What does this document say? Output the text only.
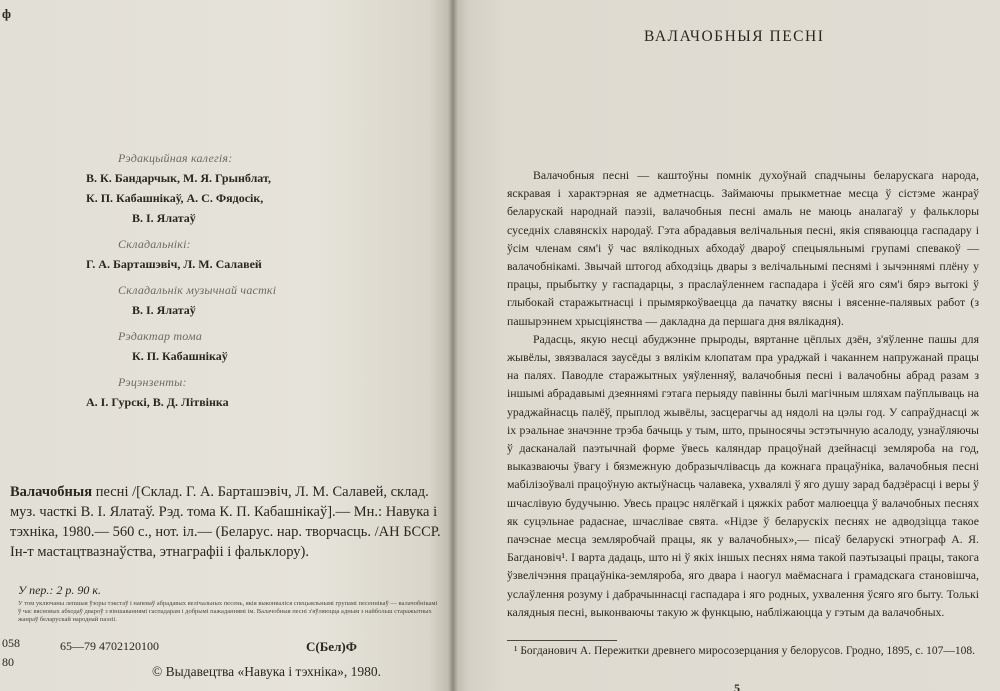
ф
Рэдакцыйная калегія:
В. К. Бандарчык, М. Я. Грынблат,
К. П. Кабашнікаў, А. С. Фядосік,
В. І. Ялатаў
Складальнікі:
Г. А. Барташэвіч, Л. М. Салавей
Складальнік музычнай часткі
В. І. Ялатаў
Рэдактар тома
К. П. Кабашнікаў
Рэцэнзенты:
А. І. Гурскі, В. Д. Літвінка
Валачобныя песні /[Склад. Г. А. Барташэвіч, Л. М. Салавей, склад. муз. часткі В. І. Ялатаў. Рэд. тома К. П. Кабашнікаў].— Мн.: Навука і тэхніка, 1980.— 560 с., нот. іл.— (Беларус. нар. творчасць. /АН БССР. Ін-т мастацтвазнаўства, этнаграфіі і фальклору).
У пер.: 2 р. 90 к.
У том уключаны лепшыя ўзоры тэкстаў і напеваў абрадавых велічальных песень, якія выконваліся спецыяльнымі групамі песеннікаў — валачобнікамі ў час вясновых абходаў двароў з віншаваннямі гаспадарам і добрымі пажаданнямі ім. Валачобныя песні з'яўляюцца адным з найбольш старажытных жанраў беларускай народнай паэзіі.
058	65—79 4702120100	С(Бел)Ф
80
© Выдавецтва «Навука і тэхніка», 1980.
ВАЛАЧОБНЫЯ ПЕСНІ

Валачобныя песні — каштоўны помнік духоўнай спадчыны беларускага народа, яскравая і характэрная яе адметнасць. Займаючы прыкметнае месца ў сістэме жанраў беларускай народнай паэзіі, валачобныя песні амаль не маюць аналагаў у фальклоры суседніх славянскіх народаў. Гэта абрадавыя велічальныя песні, якія спяваюцца гаспадару і ўсім членам сям'і ў час вялікодных абходаў двароў спецыяльнымі групамі спевакоў — валачобнікамі. Звычай штогод абходзіць двары з велічальнымі песнямі і зычэннямі плёну у працы, прыбытку у гаспадарцы, з праслаўленнем гаспадара і ўсёй яго сям'і бярэ вытокі ў глыбокай старажытнасці і прымяркоўваецца да пачатку вясны і вясенне-палявых работ (з пашырэннем хрысціянства — дакладна да першага дня вялікадня).

Радасць, якую несці абуджэнне прыроды, вяртанне цёплых дзён, з'яўленне пашы для жывёлы, звязвалася заусёды з вялікім клопатам пра ураджай і чаканнем напружанай працы на палях. Паводле старажытных уяўленняў, валачобныя песні і валачобны абрад разам з іншымі абрадавымі дзеяннямі гэтага перыяду павінны былі магічным шляхам паўплываць на ураджайнасць палёў, прыплод жывёлы, засцерагчы ад нядолі на цэлы год. У сапраўднасці ж іх рэальнае значэнне трэба бачыць у тым, што, прыносячы эстэтычную асалоду, узнаўляючы ў дасканалай паэтычнай форме ўвесь каляндар працоўнай дзейнасці земляроба на год, выказваючы ўвагу і бязмежную добразычлівасць да кожнага працаўніка, валачобныя песні мабілізоўвалі працоўную актыўнасць чалавека, ухвалялі ў яго душу зарад бадзёрасці і веры ў шчаслівую будучыню. Увесь працэс нялёгкай і цяжкіх работ малюецца ў валачобных песнях як суцэльнае радаснае, шчаслівае свята. «Нідзе ў беларускіх песнях не адводзіцца такое пачэснае месца земляробчай працы, як у валачобных»,— пісаў беларускі этнограф А. Я. Багдановіч¹. І варта дадаць, што ні ў якіх іншых песнях няма такой паэтызацыі працы, такога ўзвелічэння працаўніка-земляроба, яго двара і наогул маёмаснага і грамадскага становішча, услаўлення розуму і дабрачыннасці гаспадара і яго родных, ухвалення ўсяго яго быту. Толькі калядныя песні, выконваючы такую ж функцыю, набліжаюцца у гэтым да валачобных.

¹ Богданович А. Пережитки древнего миросозерцания у белорусов. Гродно, 1895, с. 107—108.
5
